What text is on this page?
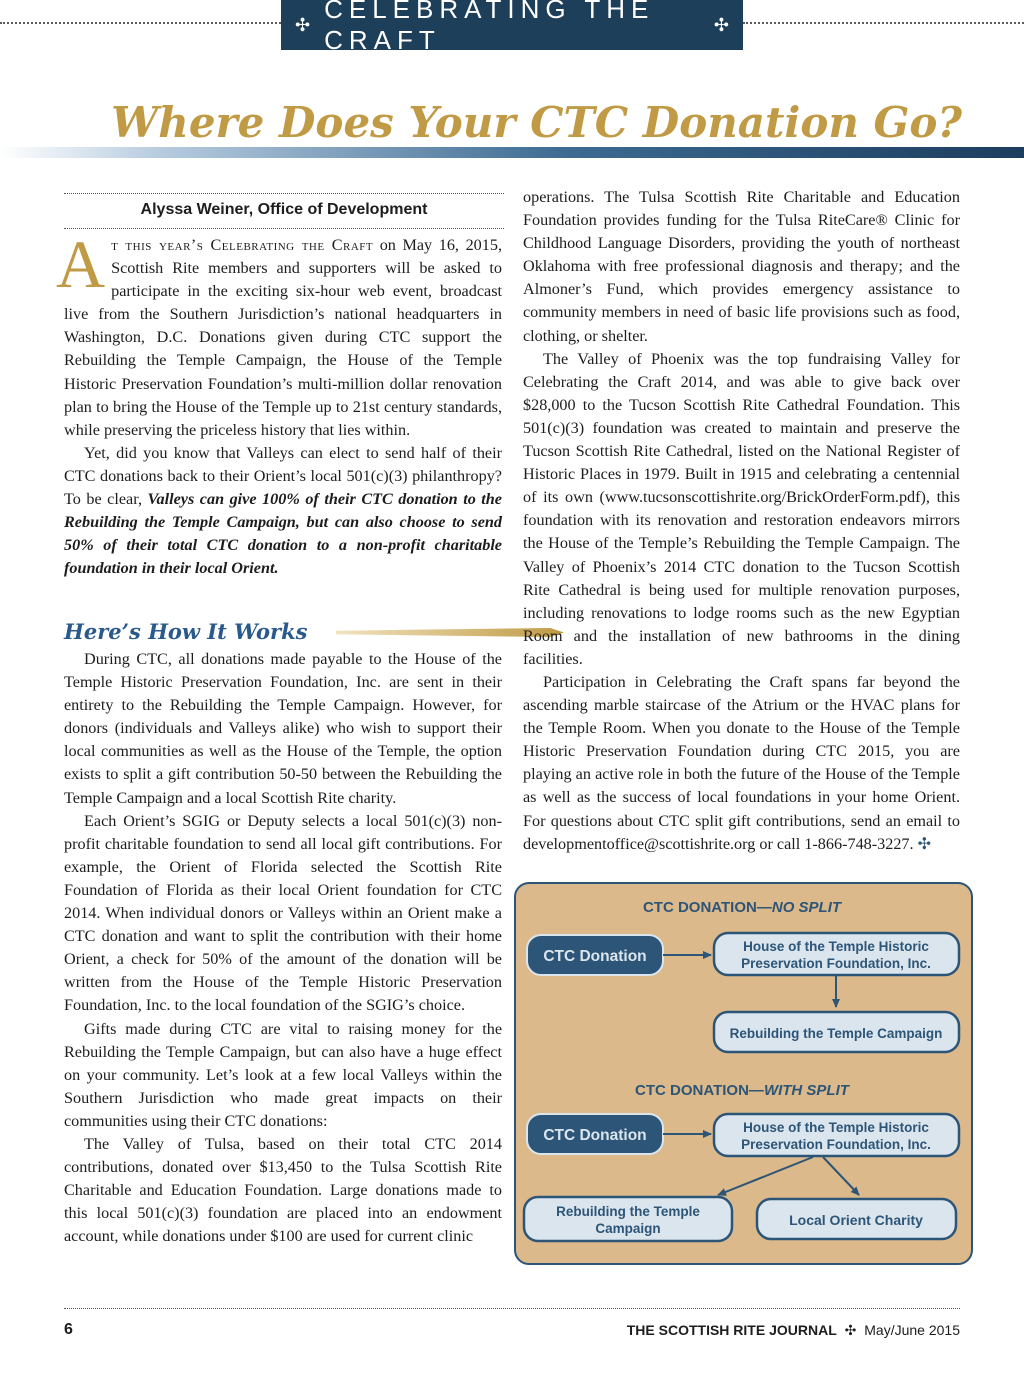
✣
CELEBRATING THE CRAFT
✣
Where Does Your CTC Donation Go?
Alyssa Weiner, Office of Development

At this year’s Celebrating the Craft on May 16, 2015, Scottish Rite members and supporters will be asked to participate in the exciting six-hour web event, broadcast live from the Southern Jurisdiction’s national headquarters in Washington, D.C. Donations given during CTC support the Rebuilding the Temple Campaign, the House of the Temple Historic Preservation Foundation’s multi-million dollar renovation plan to bring the House of the Temple up to 21st century standards, while preserving the priceless history that lies within.

Yet, did you know that Valleys can elect to send half of their CTC donations back to their Orient’s local 501(c)(3) philanthropy? To be clear, Valleys can give 100% of their CTC donation to the Rebuilding the Temple Campaign, but can also choose to send 50% of their total CTC donation to a non-profit charitable foundation in their local Orient.

Here’s How It Works

During CTC, all donations made payable to the House of the Temple Historic Preservation Foundation, Inc. are sent in their entirety to the Rebuilding the Temple Campaign. However, for donors (individuals and Valleys alike) who wish to support their local communities as well as the House of the Temple, the option exists to split a gift contribution 50-50 between the Rebuilding the Temple Campaign and a local Scottish Rite charity.

Each Orient’s SGIG or Deputy selects a local 501(c)(3) non-profit charitable foundation to send all local gift contributions. For example, the Orient of Florida selected the Scottish Rite Foundation of Florida as their local Orient foundation for CTC 2014. When individual donors or Valleys within an Orient make a CTC donation and want to split the contribution with their home Orient, a check for 50% of the amount of the donation will be written from the House of the Temple Historic Preservation Foundation, Inc. to the local foundation of the SGIG’s choice.

Gifts made during CTC are vital to raising money for the Rebuilding the Temple Campaign, but can also have a huge effect on your community. Let’s look at a few local Valleys within the Southern Jurisdiction who made great impacts on their communities using their CTC donations:

The Valley of Tulsa, based on their total CTC 2014 contributions, donated over $13,450 to the Tulsa Scottish Rite Charitable and Education Foundation. Large donations made to this local 501(c)(3) foundation are placed into an endowment account, while donations under $100 are used for current clinic

operations. The Tulsa Scottish Rite Charitable and Education Foundation provides funding for the Tulsa RiteCare® Clinic for Childhood Language Disorders, providing the youth of northeast Oklahoma with free professional diagnosis and therapy; and the Almoner’s Fund, which provides emergency assistance to community members in need of basic life provisions such as food, clothing, or shelter.

The Valley of Phoenix was the top fundraising Valley for Celebrating the Craft 2014, and was able to give back over $28,000 to the Tucson Scottish Rite Cathedral Foundation. This 501(c)(3) foundation was created to maintain and preserve the Tucson Scottish Rite Cathedral, listed on the National Register of Historic Places in 1979. Built in 1915 and celebrating a centennial of its own (www.tucsonscottishrite.org/BrickOrderForm.pdf), this foundation with its renovation and restoration endeavors mirrors the House of the Temple’s Rebuilding the Temple Campaign. The Valley of Phoenix’s 2014 CTC donation to the Tucson Scottish Rite Cathedral is being used for multiple renovation purposes, including renovations to lodge rooms such as the new Egyptian Room and the installation of new bathrooms in the dining facilities.

Participation in Celebrating the Craft spans far beyond the ascending marble staircase of the Atrium or the HVAC plans for the Temple Room. When you donate to the House of the Temple Historic Preservation Foundation during CTC 2015, you are playing an active role in both the future of the House of the Temple as well as the success of local foundations in your home Orient. For questions about CTC split gift contributions, send an email to developmentoffice@scottishrite.org or call 1-866-748-3227. ✣

CTC DONATION—NO SPLIT
CTC Donation
House of the Temple Historic Preservation Foundation, Inc.
Rebuilding the Temple Campaign
CTC DONATION—WITH SPLIT
CTC Donation	House of the Temple Historic Preservation Foundation, Inc.
Rebuilding the Temple Campaign
Local Orient Charity
6	THE SCOTTISH RITE JOURNAL ✣ May/June 2015
